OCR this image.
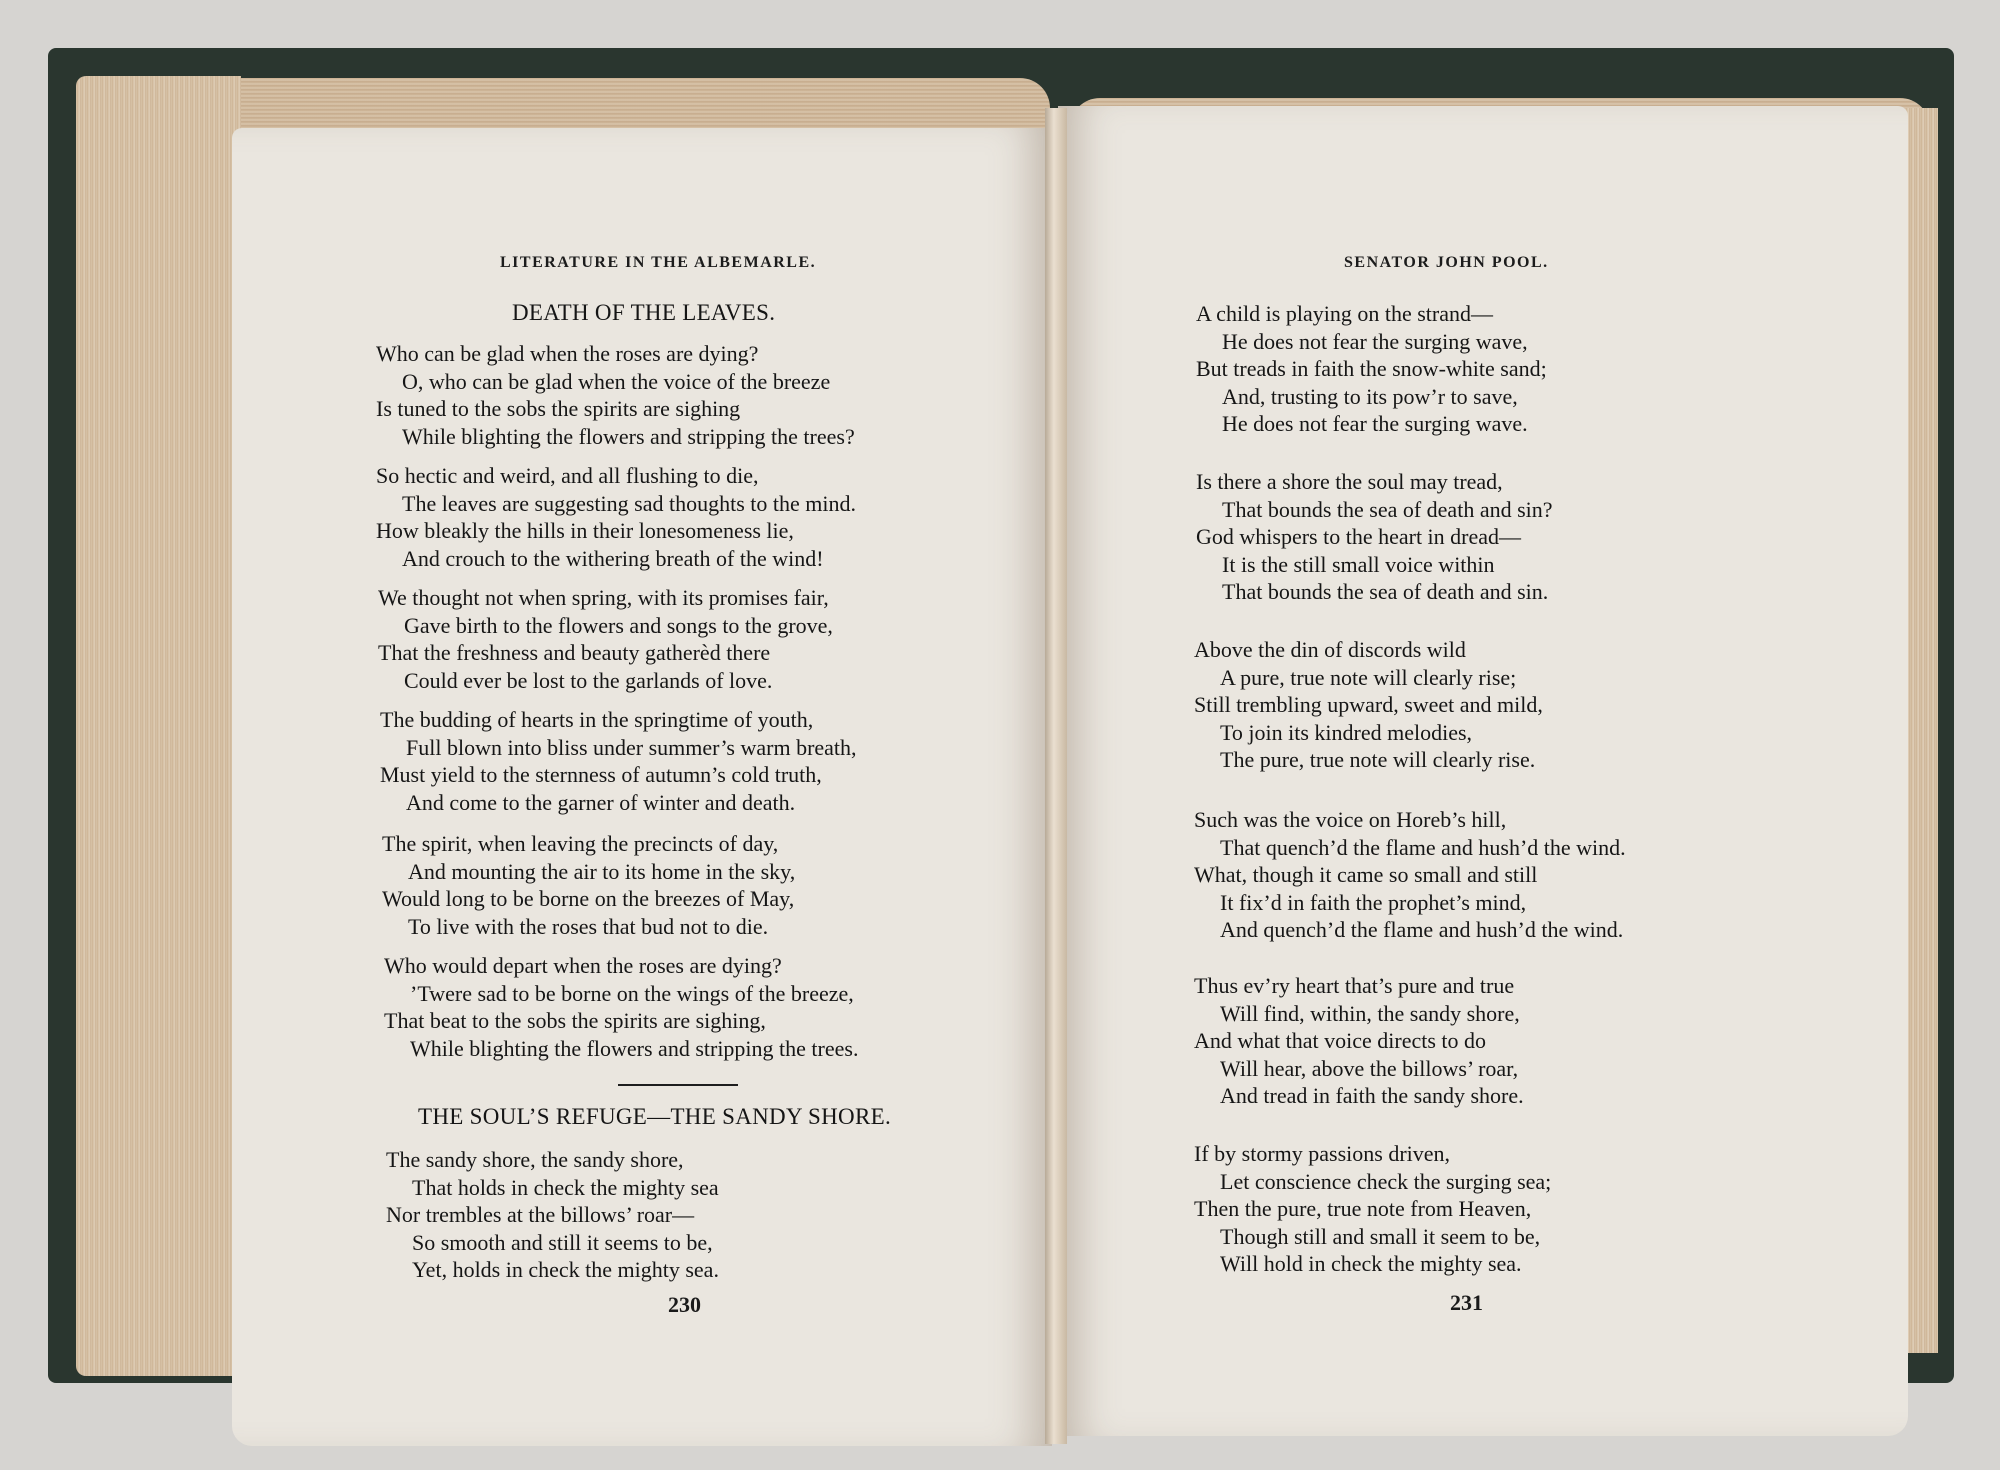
LITERATURE IN THE ALBEMARLE.
DEATH OF THE LEAVES.
Who can be glad when the roses are dying?
O, who can be glad when the voice of the breeze
Is tuned to the sobs the spirits are sighing
While blighting the flowers and stripping the trees?
So hectic and weird, and all flushing to die,
The leaves are suggesting sad thoughts to the mind.
How bleakly the hills in their lonesomeness lie,
And crouch to the withering breath of the wind!
We thought not when spring, with its promises fair,
Gave birth to the flowers and songs to the grove,
That the freshness and beauty gatherèd there
Could ever be lost to the garlands of love.
The budding of hearts in the springtime of youth,
Full blown into bliss under summer’s warm breath,
Must yield to the sternness of autumn’s cold truth,
And come to the garner of winter and death.
The spirit, when leaving the precincts of day,
And mounting the air to its home in the sky,
Would long to be borne on the breezes of May,
To live with the roses that bud not to die.
Who would depart when the roses are dying?
’Twere sad to be borne on the wings of the breeze,
That beat to the sobs the spirits are sighing,
While blighting the flowers and stripping the trees.
THE SOUL’S REFUGE—THE SANDY SHORE.
The sandy shore, the sandy shore,
That holds in check the mighty sea
Nor trembles at the billows’ roar—
So smooth and still it seems to be,
Yet, holds in check the mighty sea.
230
SENATOR JOHN POOL.
A child is playing on the strand—
He does not fear the surging wave,
But treads in faith the snow-white sand;
And, trusting to its pow’r to save,
He does not fear the surging wave.
Is there a shore the soul may tread,
That bounds the sea of death and sin?
God whispers to the heart in dread—
It is the still small voice within
That bounds the sea of death and sin.
Above the din of discords wild
A pure, true note will clearly rise;
Still trembling upward, sweet and mild,
To join its kindred melodies,
The pure, true note will clearly rise.
Such was the voice on Horeb’s hill,
That quench’d the flame and hush’d the wind.
What, though it came so small and still
It fix’d in faith the prophet’s mind,
And quench’d the flame and hush’d the wind.
Thus ev’ry heart that’s pure and true
Will find, within, the sandy shore,
And what that voice directs to do
Will hear, above the billows’ roar,
And tread in faith the sandy shore.
If by stormy passions driven,
Let conscience check the surging sea;
Then the pure, true note from Heaven,
Though still and small it seem to be,
Will hold in check the mighty sea.
231
